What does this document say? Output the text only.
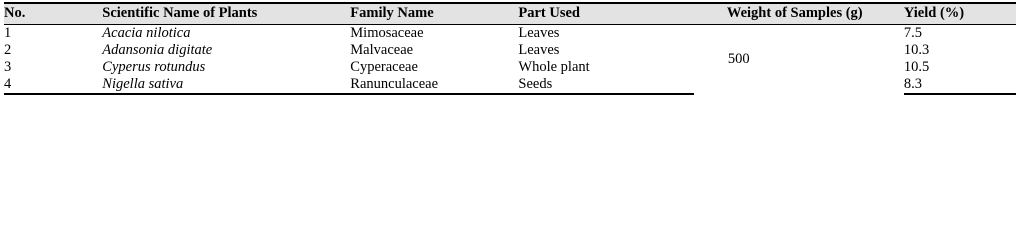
No.	Scientific Name of Plants	Family Name	Part Used	Weight of Samples (g)	Yield (%)
1	Acacia nilotica	Mimosaceae	Leaves	500	7.5
2	Adansonia digitate	Malvaceae	Leaves		10.3
3	Cyperus rotundus	Cyperaceae	Whole plant		10.5
4	Nigella sativa	Ranunculaceae	Seeds		8.3
